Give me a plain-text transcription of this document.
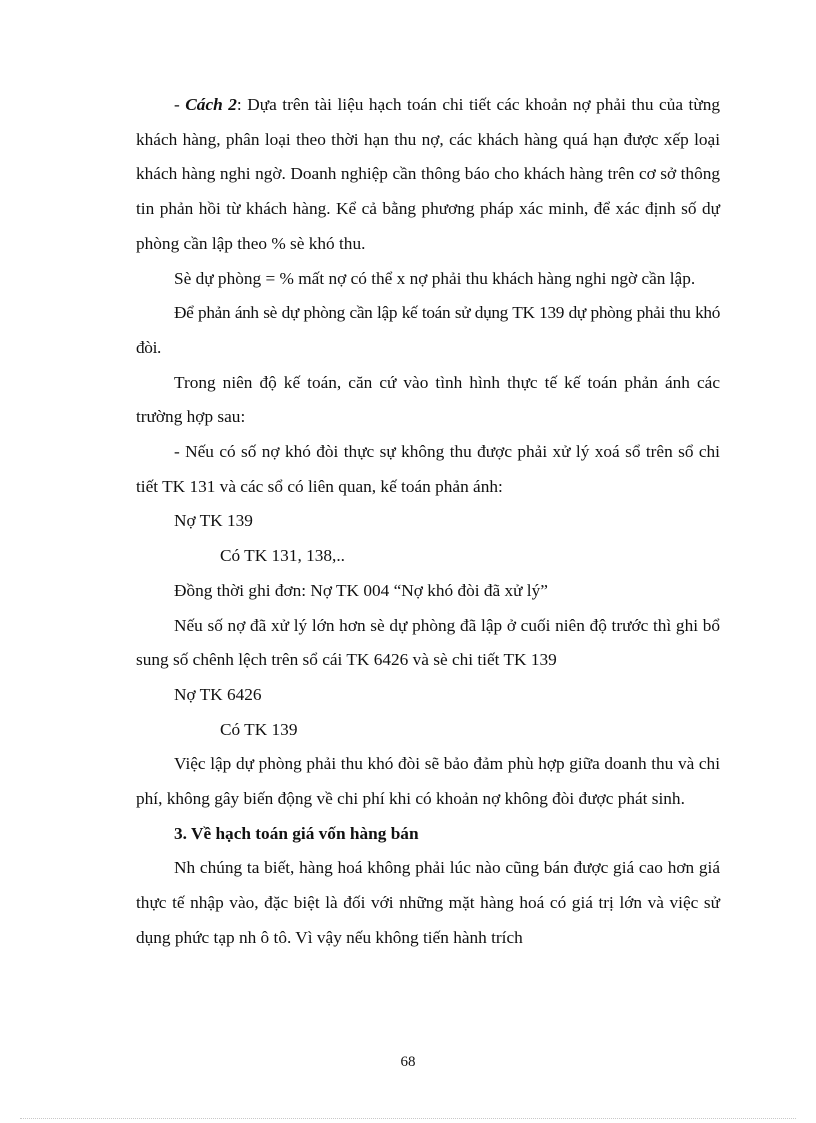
- Cách 2: Dựa trên tài liệu hạch toán chi tiết các khoản nợ phải thu của từng khách hàng, phân loại theo thời hạn thu nợ, các khách hàng quá hạn được xếp loại khách hàng nghi ngờ. Doanh nghiệp cần thông báo cho khách hàng trên cơ sở thông tin phản hồi từ khách hàng. Kể cả bằng phương pháp xác minh, để xác định số dự phòng cần lập theo % sè khó thu.

Sè dự phòng = % mất nợ có thể x nợ phải thu khách hàng nghi ngờ cần lập.

Để phản ánh sè dự phòng cần lập kế toán sử dụng TK 139 dự phòng phải thu khó đòi.

Trong niên độ kế toán, căn cứ vào tình hình thực tế kế toán phản ánh các trường hợp sau:

- Nếu có số nợ khó đòi thực sự không thu được phải xử lý xoá sổ trên sổ chi tiết TK 131 và các sổ có liên quan, kế toán phản ánh:

Nợ TK 139

Có TK 131, 138,..

Đồng thời ghi đơn: Nợ TK 004 “Nợ khó đòi đã xử lý”

Nếu số nợ đã xử lý lớn hơn sè dự phòng đã lập ở cuối niên độ trước thì ghi bổ sung số chênh lệch trên sổ cái TK 6426 và sè chi tiết TK 139

Nợ TK 6426

Có TK 139

Việc lập dự phòng phải thu khó đòi sẽ bảo đảm phù hợp giữa doanh thu và chi phí, không gây biến động về chi phí khi có khoản nợ không đòi được phát sinh.

3. Về hạch toán giá vốn hàng bán

Nh chúng ta biết, hàng hoá không phải lúc nào cũng bán được giá cao hơn giá thực tế nhập vào, đặc biệt là đối với những mặt hàng hoá có giá trị lớn và việc sử dụng phức tạp nh ô tô. Vì vậy nếu không tiến hành trích

68
